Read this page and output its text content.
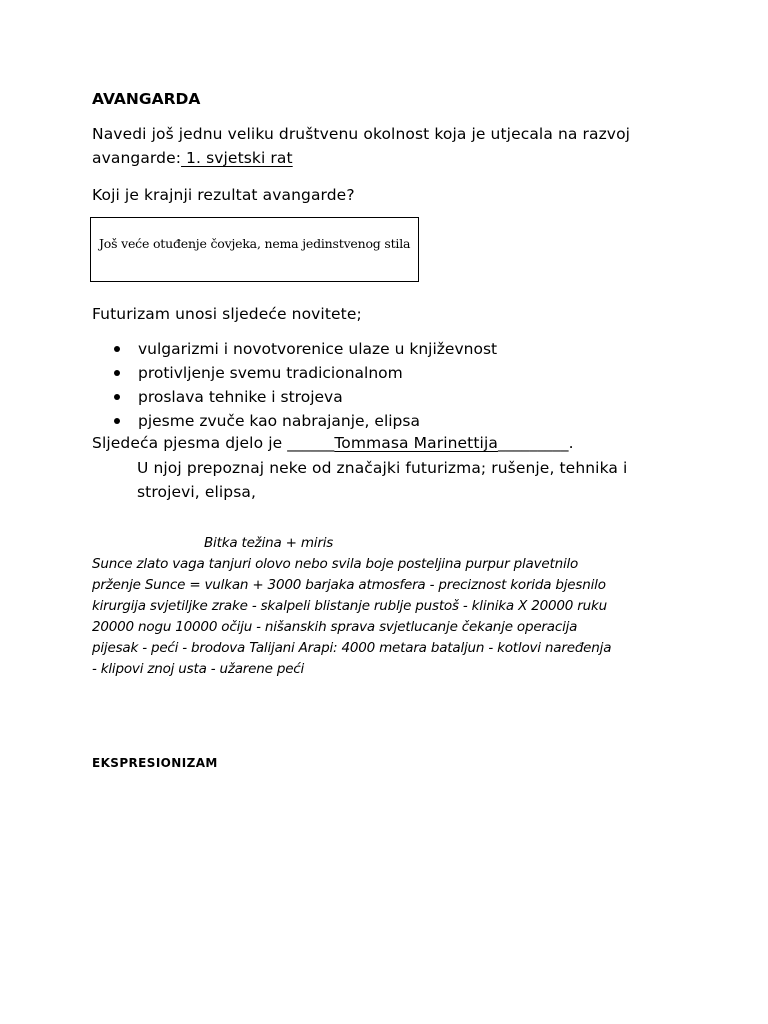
AVANGARDA
Navedi još jednu veliku društvenu okolnost koja je utjecala na razvoj
avangarde: 1. svjetski rat
Koji je krajnji rezultat avangarde?
Još veće otuđenje čovjeka, nema jedinstvenog stila
Futurizam unosi sljedeće novitete;
vulgarizmi i novotvorenice ulaze u književnost
protivljenje svemu tradicionalnom
proslava tehnike i strojeva
pjesme zvuče kao nabrajanje, elipsa
Sljedeća pjesma djelo je ______Tommasa Marinettija_________.
U njoj prepoznaj neke od značajki futurizma; rušenje, tehnika i
strojevi, elipsa,
Bitka težina + miris
Sunce zlato vaga tanjuri olovo nebo svila boje posteljina purpur plavetnilo
prženje Sunce = vulkan + 3000 barjaka atmosfera - preciznost korida bjesnilo
kirurgija svjetiljke zrake - skalpeli blistanje rublje pustoš - klinika X 20000 ruku
20000 nogu 10000 očiju - nišanskih sprava svjetlucanje čekanje operacija
pijesak - peći - brodova Talijani Arapi: 4000 metara bataljun - kotlovi naređenja
- klipovi znoj usta - užarene peći
EKSPRESIONIZAM
